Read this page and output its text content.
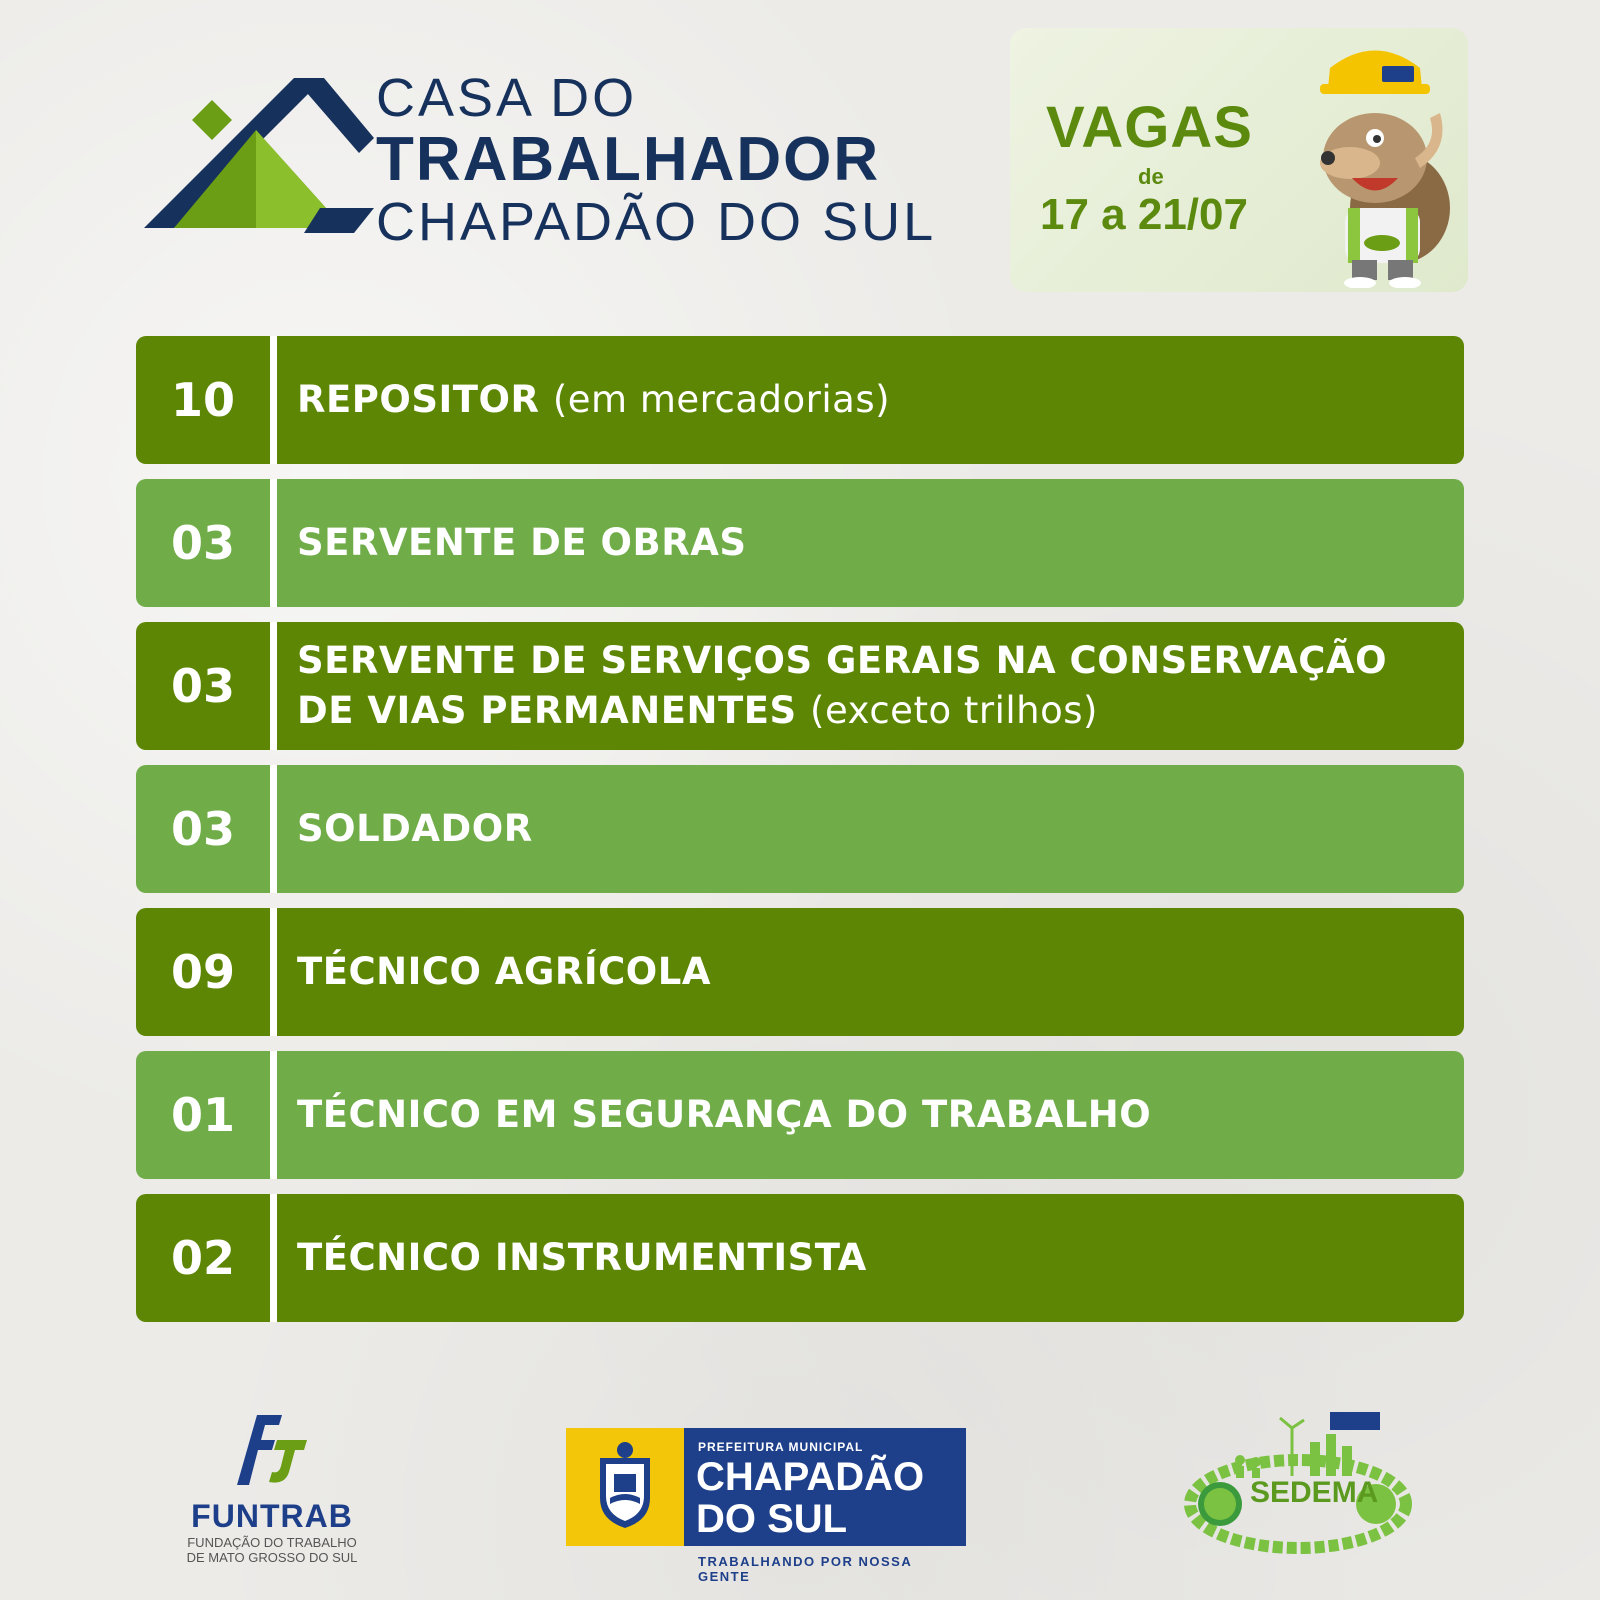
CASA DO
TRABALHADOR
CHAPADÃO DO SUL
VAGAS
de
17 a 21/07
10	REPOSITOR (em mercadorias)
03	SERVENTE DE OBRAS
03	SERVENTE DE SERVIÇOS GERAIS NA CONSERVAÇÃO DE VIAS PERMANENTES (exceto trilhos)
03	SOLDADOR
09	TÉCNICO AGRÍCOLA
01	TÉCNICO EM SEGURANÇA DO TRABALHO
02	TÉCNICO INSTRUMENTISTA
FUNTRAB
FUNDAÇÃO DO TRABALHO
DE MATO GROSSO DO SUL
PREFEITURA MUNICIPAL
CHAPADÃO
DO SUL
TRABALHANDO POR NOSSA GENTE
SEDEMA
